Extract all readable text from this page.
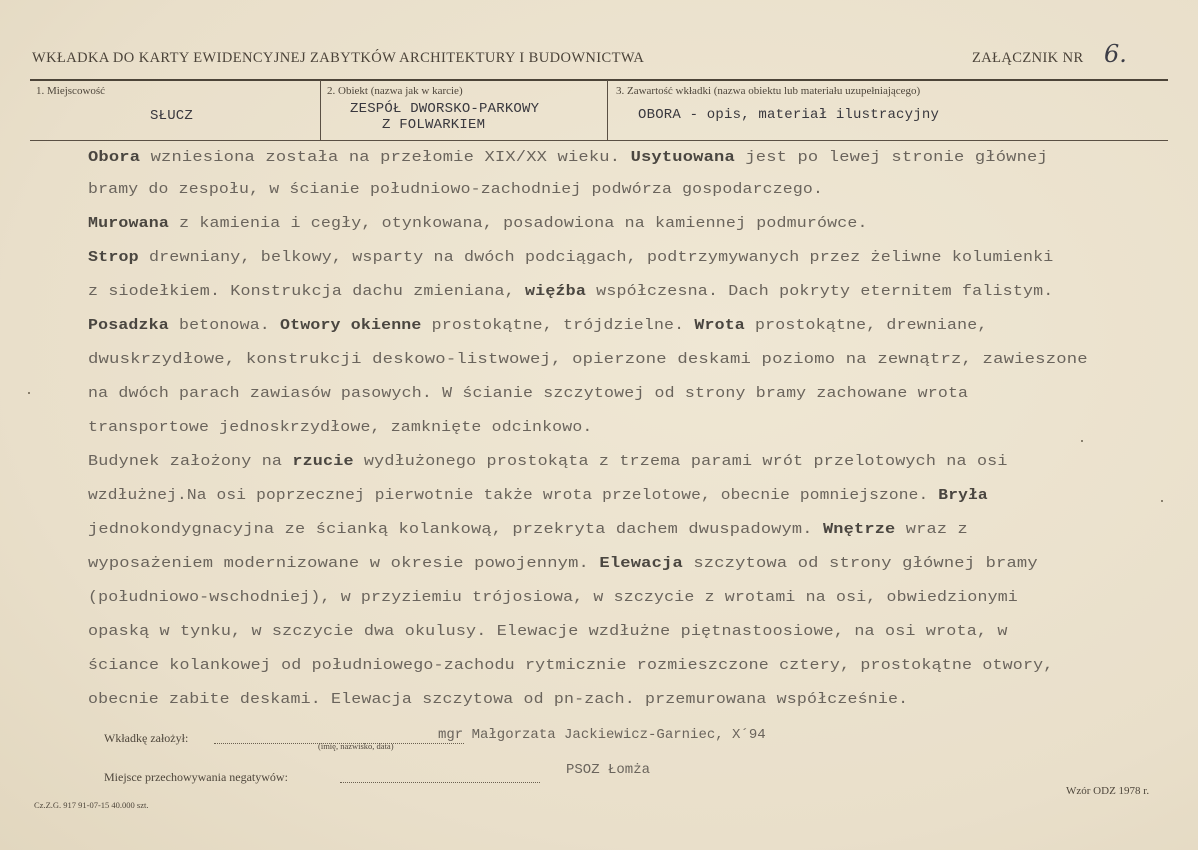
WKŁADKA DO KARTY EWIDENCYJNEJ ZABYTKÓW ARCHITEKTURY I BUDOWNICTWA	ZAŁĄCZNIK NR 6.
1. Miejscowość
SŁUCZ
2. Obiekt (nazwa jak w karcie)
ZESPÓŁ DWORSKO-PARKOWY
Z FOLWARKIEM
3. Zawartość wkładki (nazwa obiektu lub materiału uzupełniającego)
OBORA - opis, materiał ilustracyjny
Obora wzniesiona została na przełomie XIX/XX wieku. Usytuowana jest po lewej stronie głównej
bramy do zespołu, w ścianie południowo-zachodniej podwórza gospodarczego.
Murowana z kamienia i cegły, otynkowana, posadowiona na kamiennej podmurówce.
Strop drewniany, belkowy, wsparty na dwóch podciągach, podtrzymywanych przez żeliwne kolumienki
z siodełkiem. Konstrukcja dachu zmieniana, więźba współczesna. Dach pokryty eternitem falistym.
Posadzka betonowa. Otwory okienne prostokątne, trójdzielne. Wrota prostokątne, drewniane,
dwuskrzydłowe, konstrukcji deskowo-listwowej, opierzone deskami poziomo na zewnątrz, zawieszone
na dwóch parach zawiasów pasowych. W ścianie szczytowej od strony bramy zachowane wrota
transportowe jednoskrzydłowe, zamknięte odcinkowo.
Budynek założony na rzucie wydłużonego prostokąta z trzema parami wrót przelotowych na osi
wzdłużnej.Na osi poprzecznej pierwotnie także wrota przelotowe, obecnie pomniejszone. Bryła
jednokondygnacyjna ze ścianką kolankową, przekryta dachem dwuspadowym. Wnętrze wraz z
wyposażeniem modernizowane w okresie powojennym. Elewacja szczytowa od strony głównej bramy
(południowo-wschodniej), w przyziemiu trójosiowa, w szczycie z wrotami na osi, obwiedzionymi
opaską w tynku, w szczycie dwa okulusy. Elewacje wzdłużne piętnastoosiowe, na osi wrota, w
ściance kolankowej od południowego-zachodu rytmicznie rozmieszczone cztery, prostokątne otwory,
obecnie zabite deskami. Elewacja szczytowa od pn-zach. przemurowana współcześnie.
Wkładkę założył:
(imię, nazwisko, data)
mgr Małgorzata Jackiewicz-Garniec, X´94
Miejsce przechowywania negatywów:	PSOZ Łomża
Cz.Z.G. 917 91-07-15 40.000 szt.
Wzór ODZ 1978 r.
